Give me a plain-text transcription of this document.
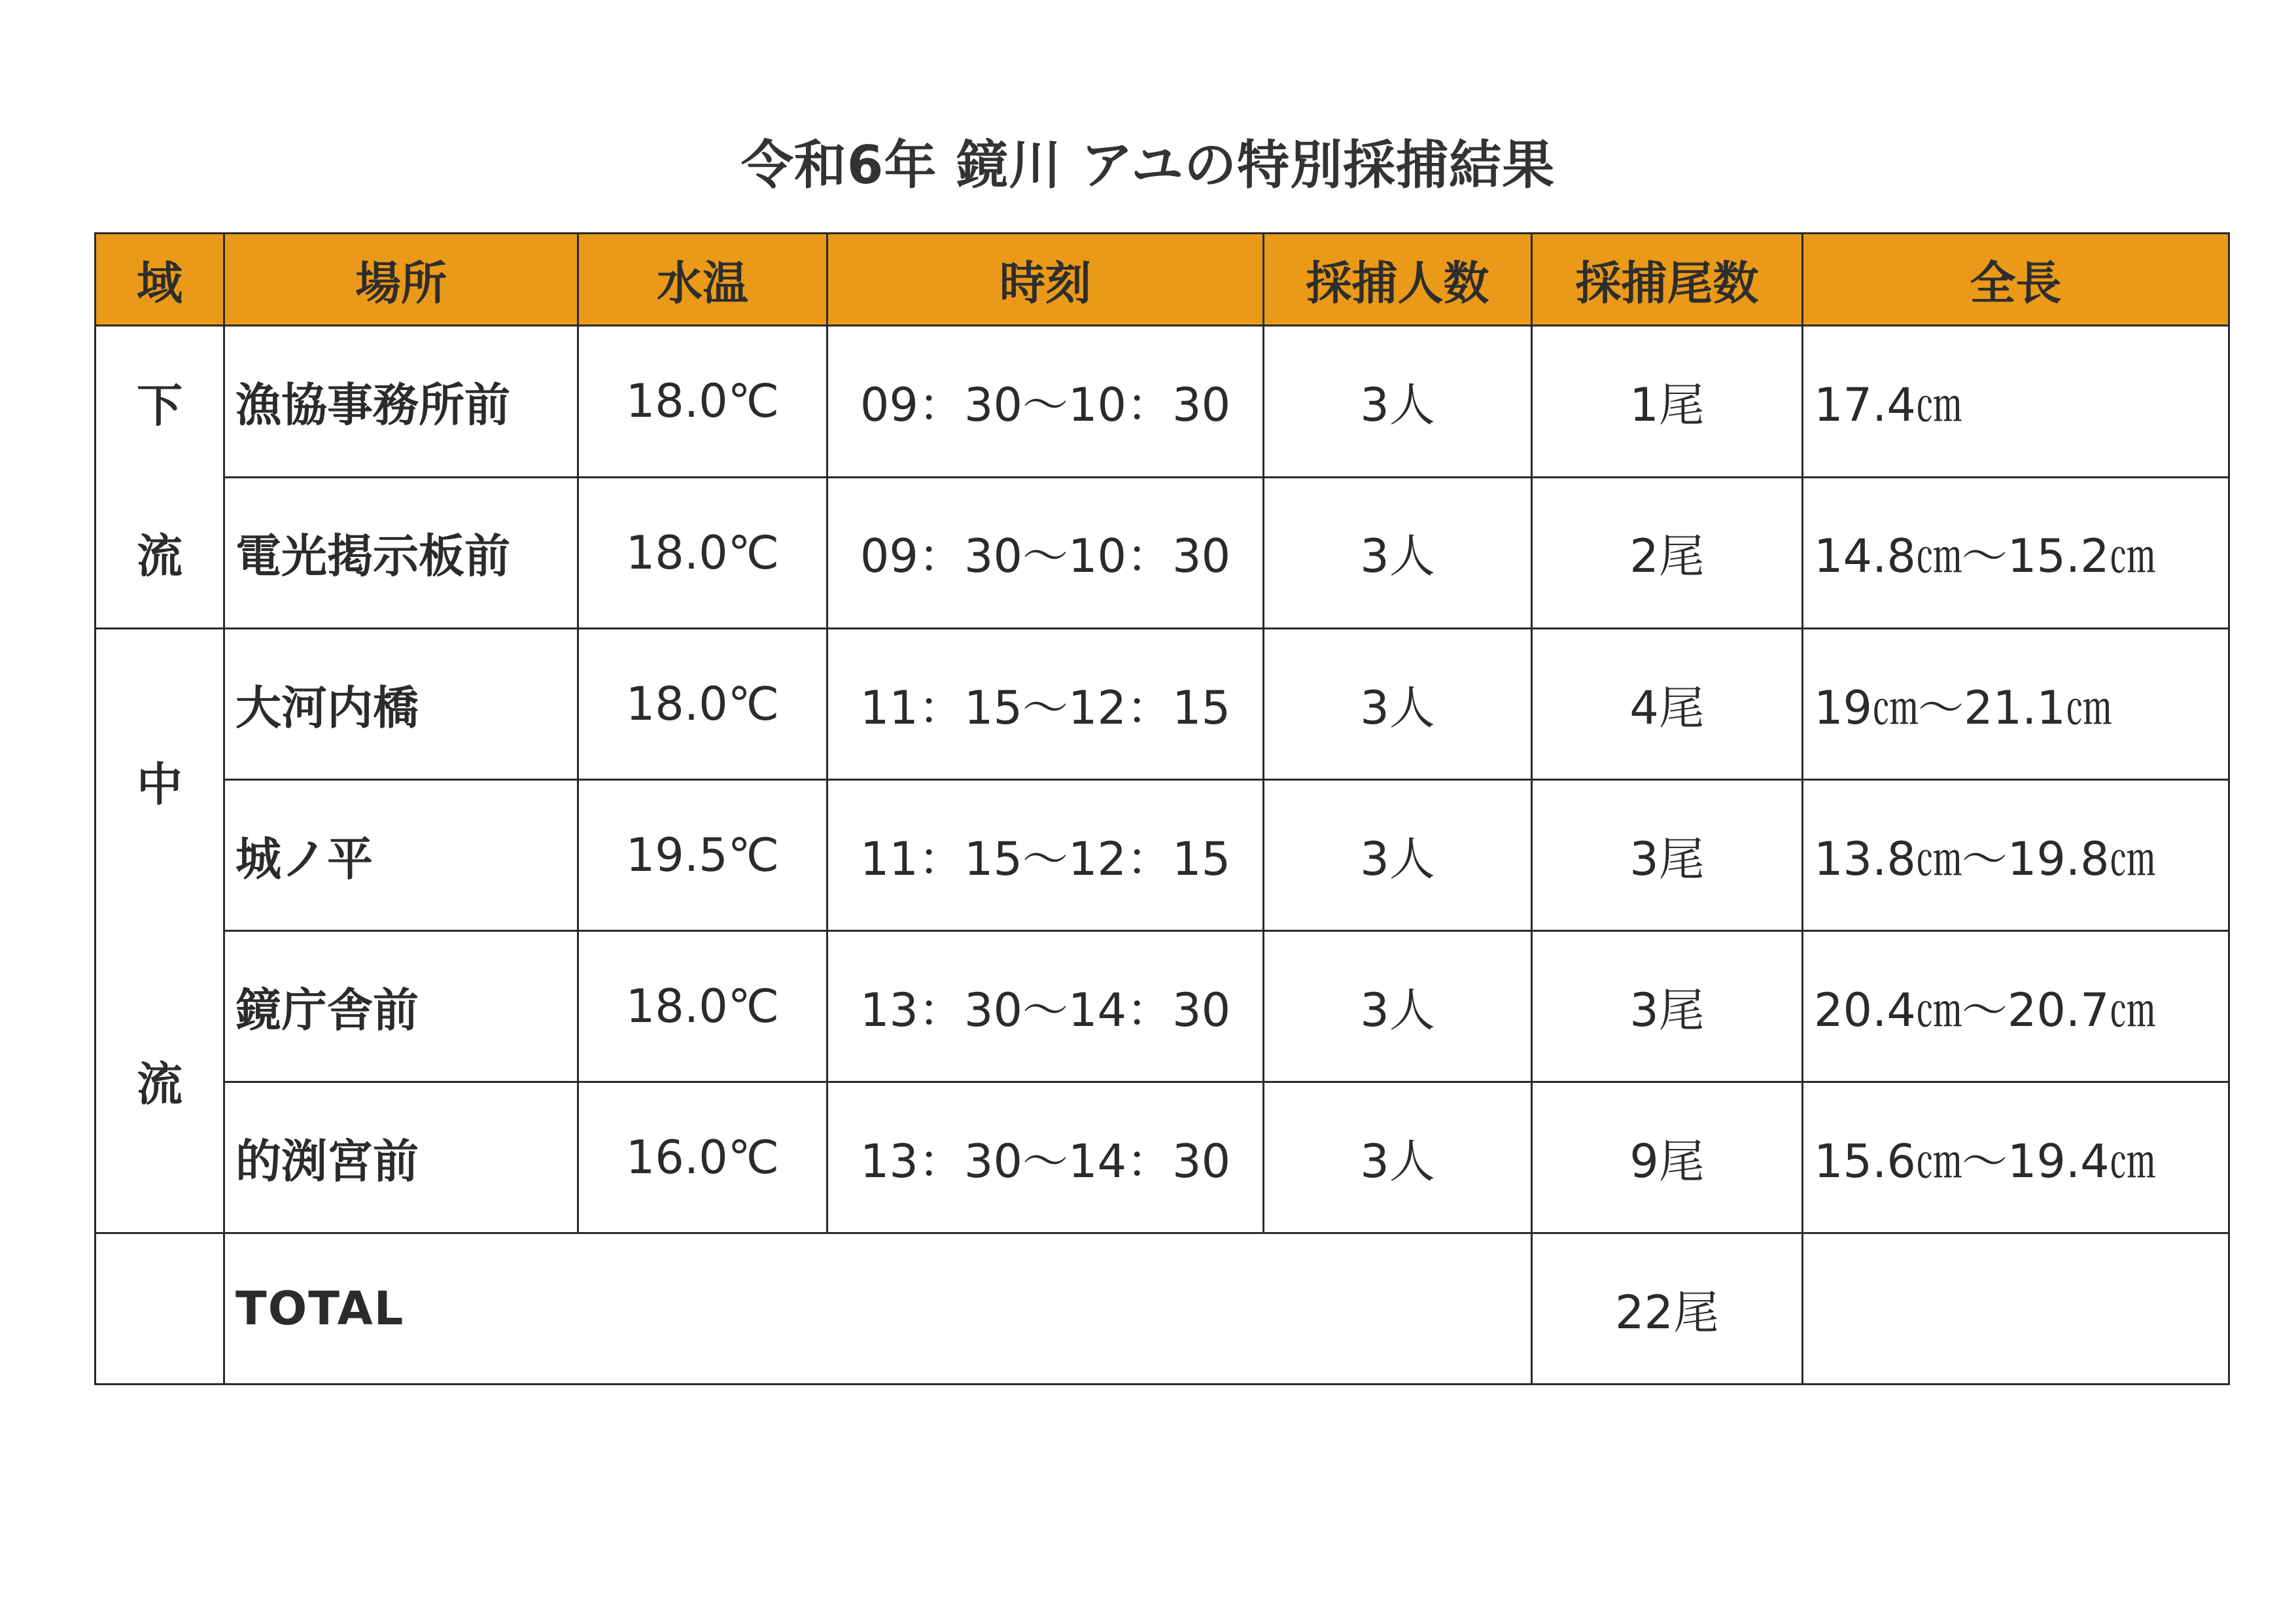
令和6年 鏡川 アユの特別採捕結果
域	場所	水温	時刻	採捕人数	採捕尾数	全長

下
流	漁協事務所前	18.0℃	09：30～10：30	3人	1尾	17.4㎝
	電光掲示板前	18.0℃	09：30～10：30	3人	2尾	14.8㎝～15.2㎝

中
流	大河内橋	18.0℃	11：15～12：15	3人	4尾	19㎝～21.1㎝
	城ノ平	19.5℃	11：15～12：15	3人	3尾	13.8㎝～19.8㎝
	鏡庁舎前	18.0℃	13：30～14：30	3人	3尾	20.4㎝～20.7㎝
	的渕宮前	16.0℃	13：30～14：30	3人	9尾	15.6㎝～19.4㎝
	TOTAL				22尾	
